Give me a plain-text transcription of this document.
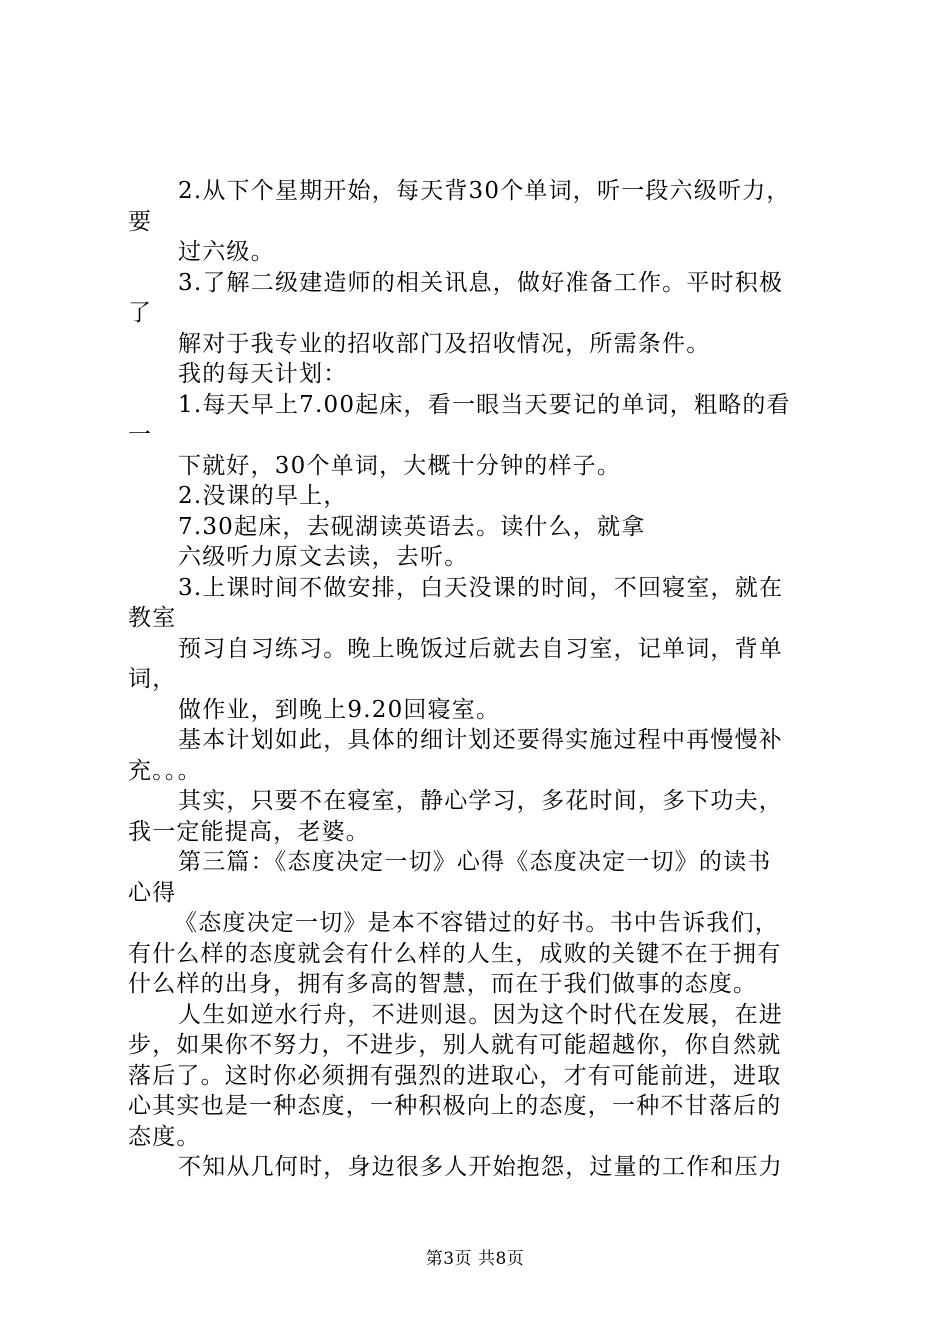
2.从下个星期开始，每天背30个单词，听一段六级听力，
要
过六级。
3.了解二级建造师的相关讯息，做好准备工作。平时积极
了
解对于我专业的招收部门及招收情况，所需条件。
我的每天计划：
1.每天早上7.00起床，看一眼当天要记的单词，粗略的看
一
下就好，30个单词，大概十分钟的样子。
2.没课的早上，
7.30起床，去砚湖读英语去。读什么，就拿
六级听力原文去读，去听。
3.上课时间不做安排，白天没课的时间，不回寝室，就在
教室
预习自习练习。晚上晚饭过后就去自习室，记单词，背单
词，
做作业，到晚上9.20回寝室。
基本计划如此，具体的细计划还要得实施过程中再慢慢补
充。。。
其实，只要不在寝室，静心学习，多花时间，多下功夫，
我一定能提高，老婆。
第三篇：《态度决定一切》心得《态度决定一切》的读书
心得
《态度决定一切》是本不容错过的好书。书中告诉我们，
有什么样的态度就会有什么样的人生，成败的关键不在于拥有
什么样的出身，拥有多高的智慧，而在于我们做事的态度。
人生如逆水行舟，不进则退。因为这个时代在发展，在进
步，如果你不努力，不进步，别人就有可能超越你，你自然就
落后了。这时你必须拥有强烈的进取心，才有可能前进，进取
心其实也是一种态度，一种积极向上的态度，一种不甘落后的
态度。
不知从几何时，身边很多人开始抱怨，过量的工作和压力
第3页 共8页
